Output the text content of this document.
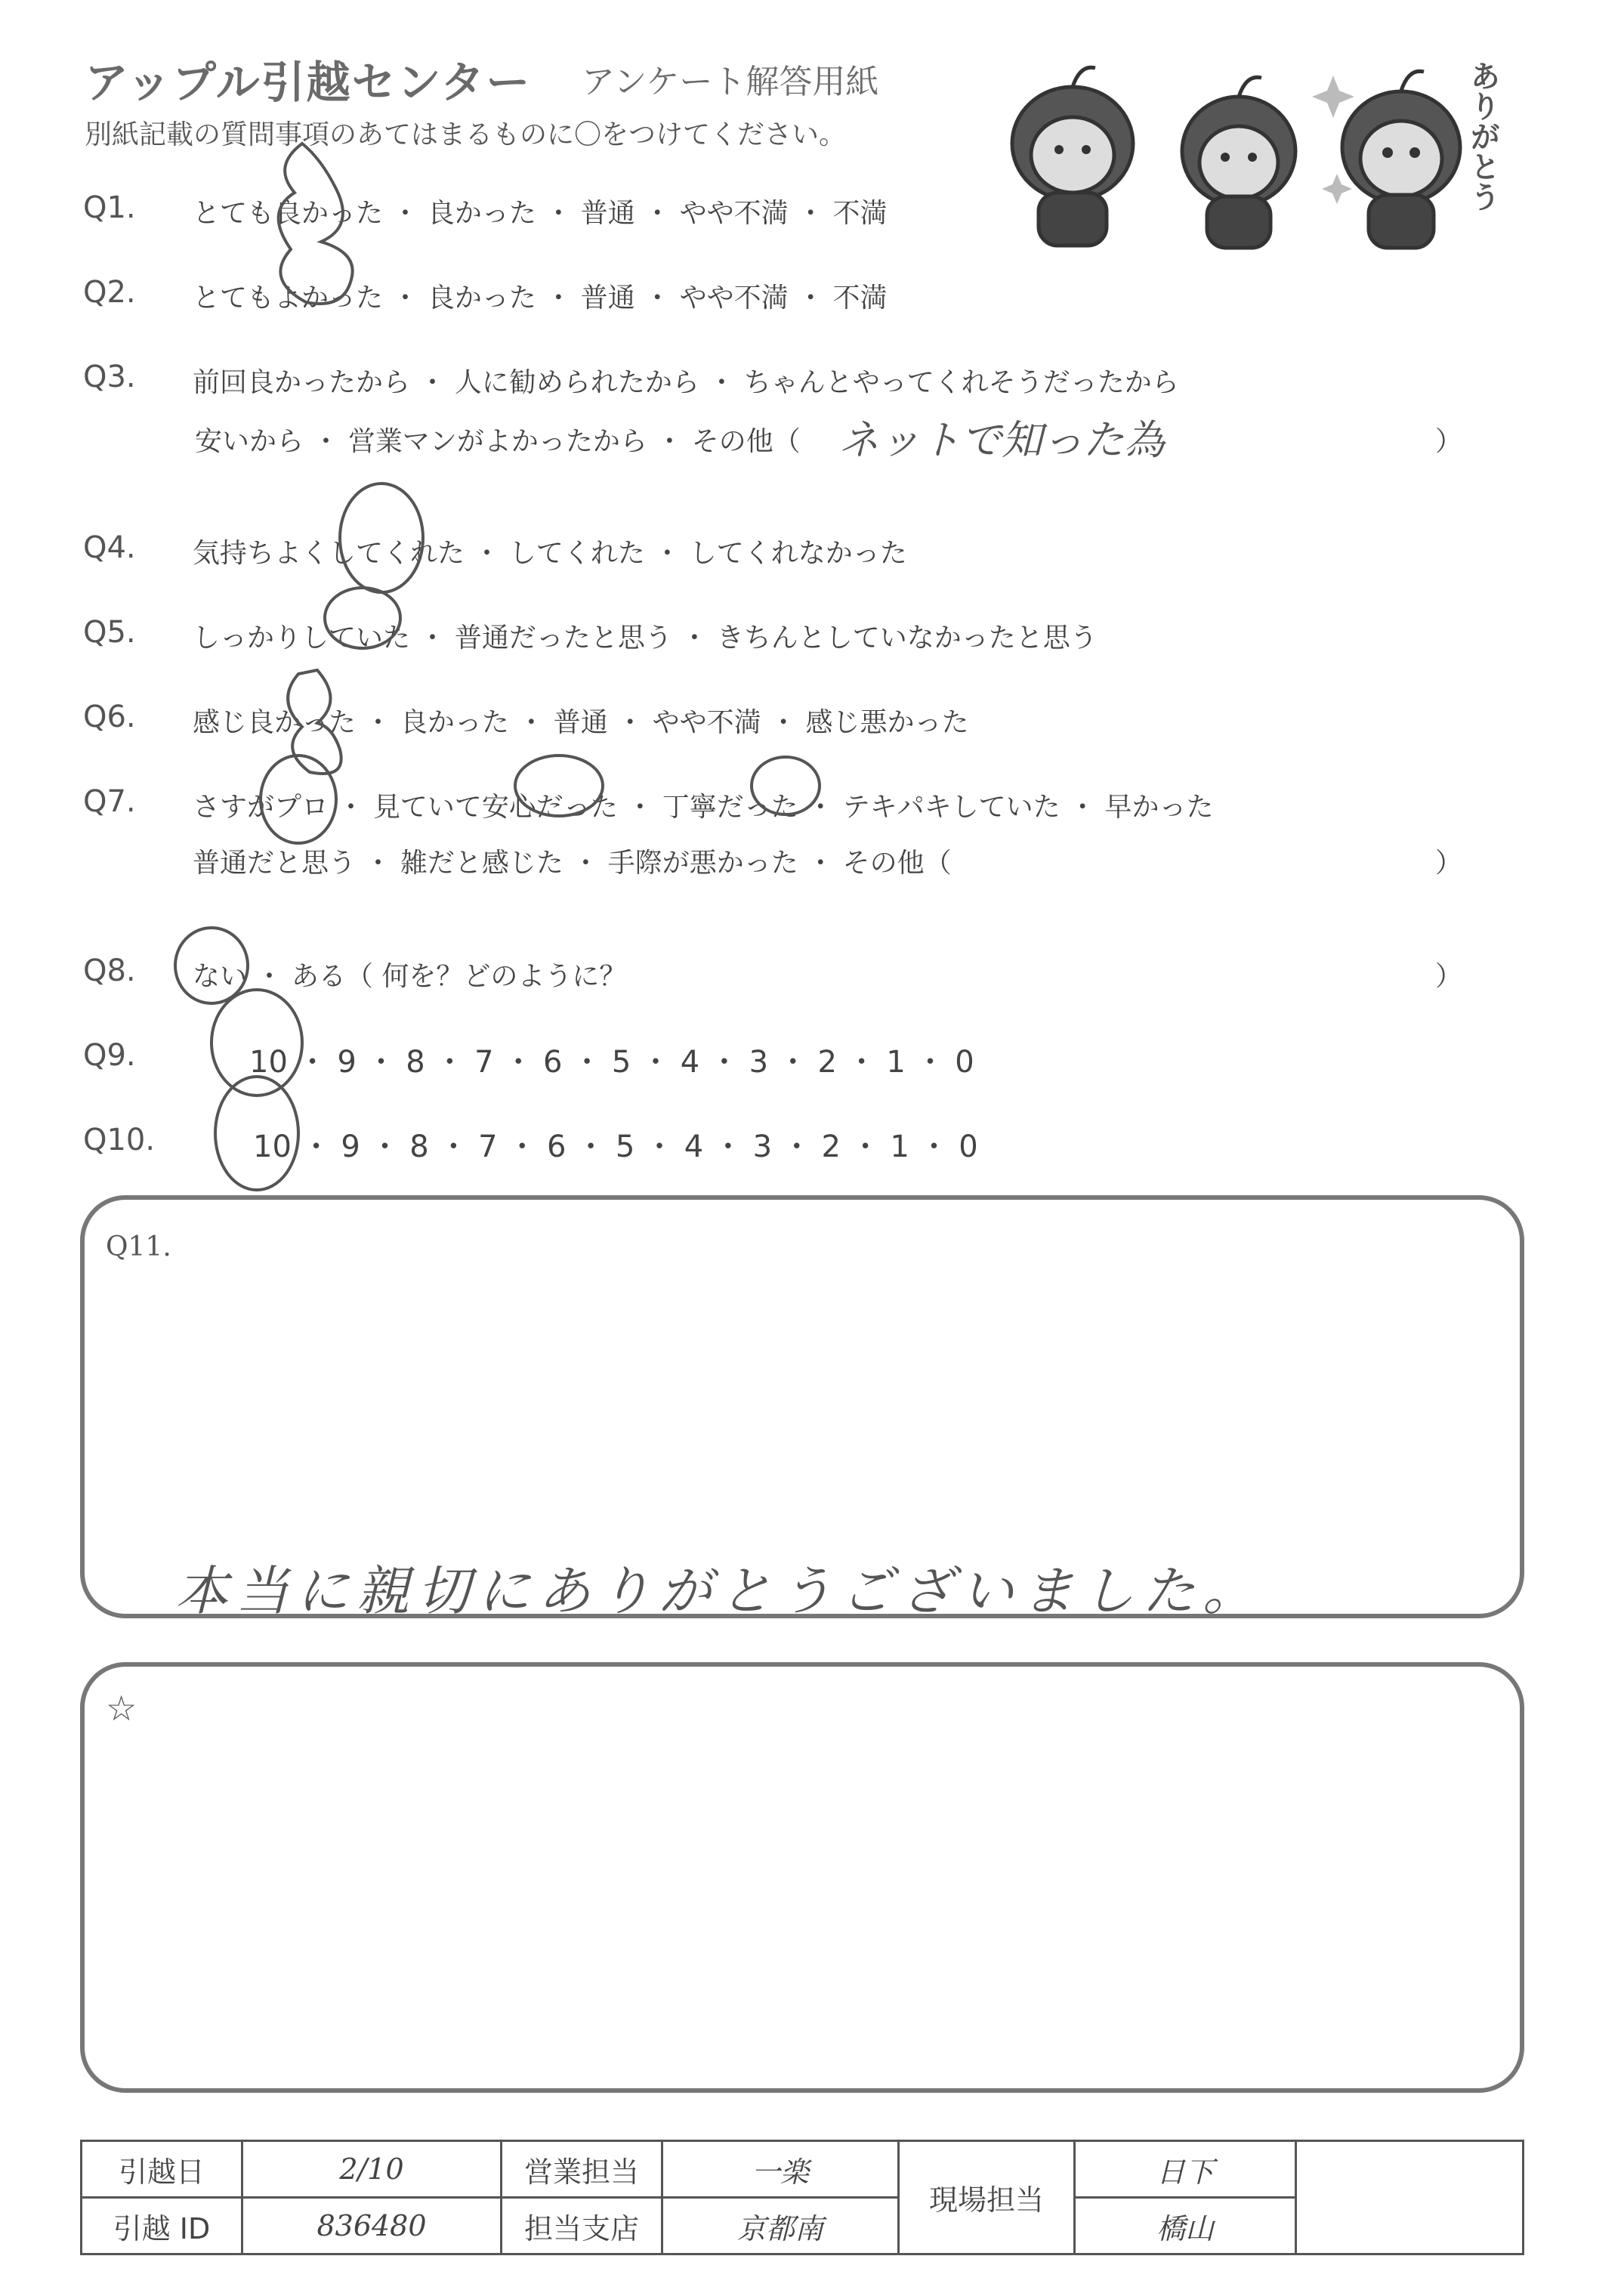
アップル引越センター アンケート解答用紙
別紙記載の質問事項のあてはまるものに〇をつけてください。	ありがとう
Q1. とても良かった ・ 良かった ・ 普通 ・ やや不満 ・ 不満
Q2. とてもよかった ・ 良かった ・ 普通 ・ やや不満 ・ 不満
Q3. 前回良かったから ・ 人に勧められたから ・ ちゃんとやってくれそうだったから
安いから ・ 営業マンがよかったから ・ その他（	）
ネットで知った為
Q4. 気持ちよくしてくれた ・ してくれた ・ してくれなかった
Q5. しっかりしていた ・ 普通だったと思う ・ きちんとしていなかったと思う
Q6. 感じ良かった ・ 良かった ・ 普通 ・ やや不満 ・ 感じ悪かった
Q7. さすがプロ ・ 見ていて安心だった ・ 丁寧だった ・ テキパキしていた ・ 早かった
普通だと思う ・ 雑だと感じた ・ 手際が悪かった ・ その他（	）
Q8. ない ・ ある（ 何を？どのように？	）
Q9.	10 ・ 9 ・ 8 ・ 7 ・ 6 ・ 5 ・ 4 ・ 3 ・ 2 ・ 1 ・ 0
Q10.	10 ・ 9 ・ 8 ・ 7 ・ 6 ・ 5 ・ 4 ・ 3 ・ 2 ・ 1 ・ 0
Q11.
本当に親切にありがとうございました。
☆
引越日	2/10	営業担当	一楽	現場担当	日下	
引越 ID	836480	担当支店	京都南		橋山	
